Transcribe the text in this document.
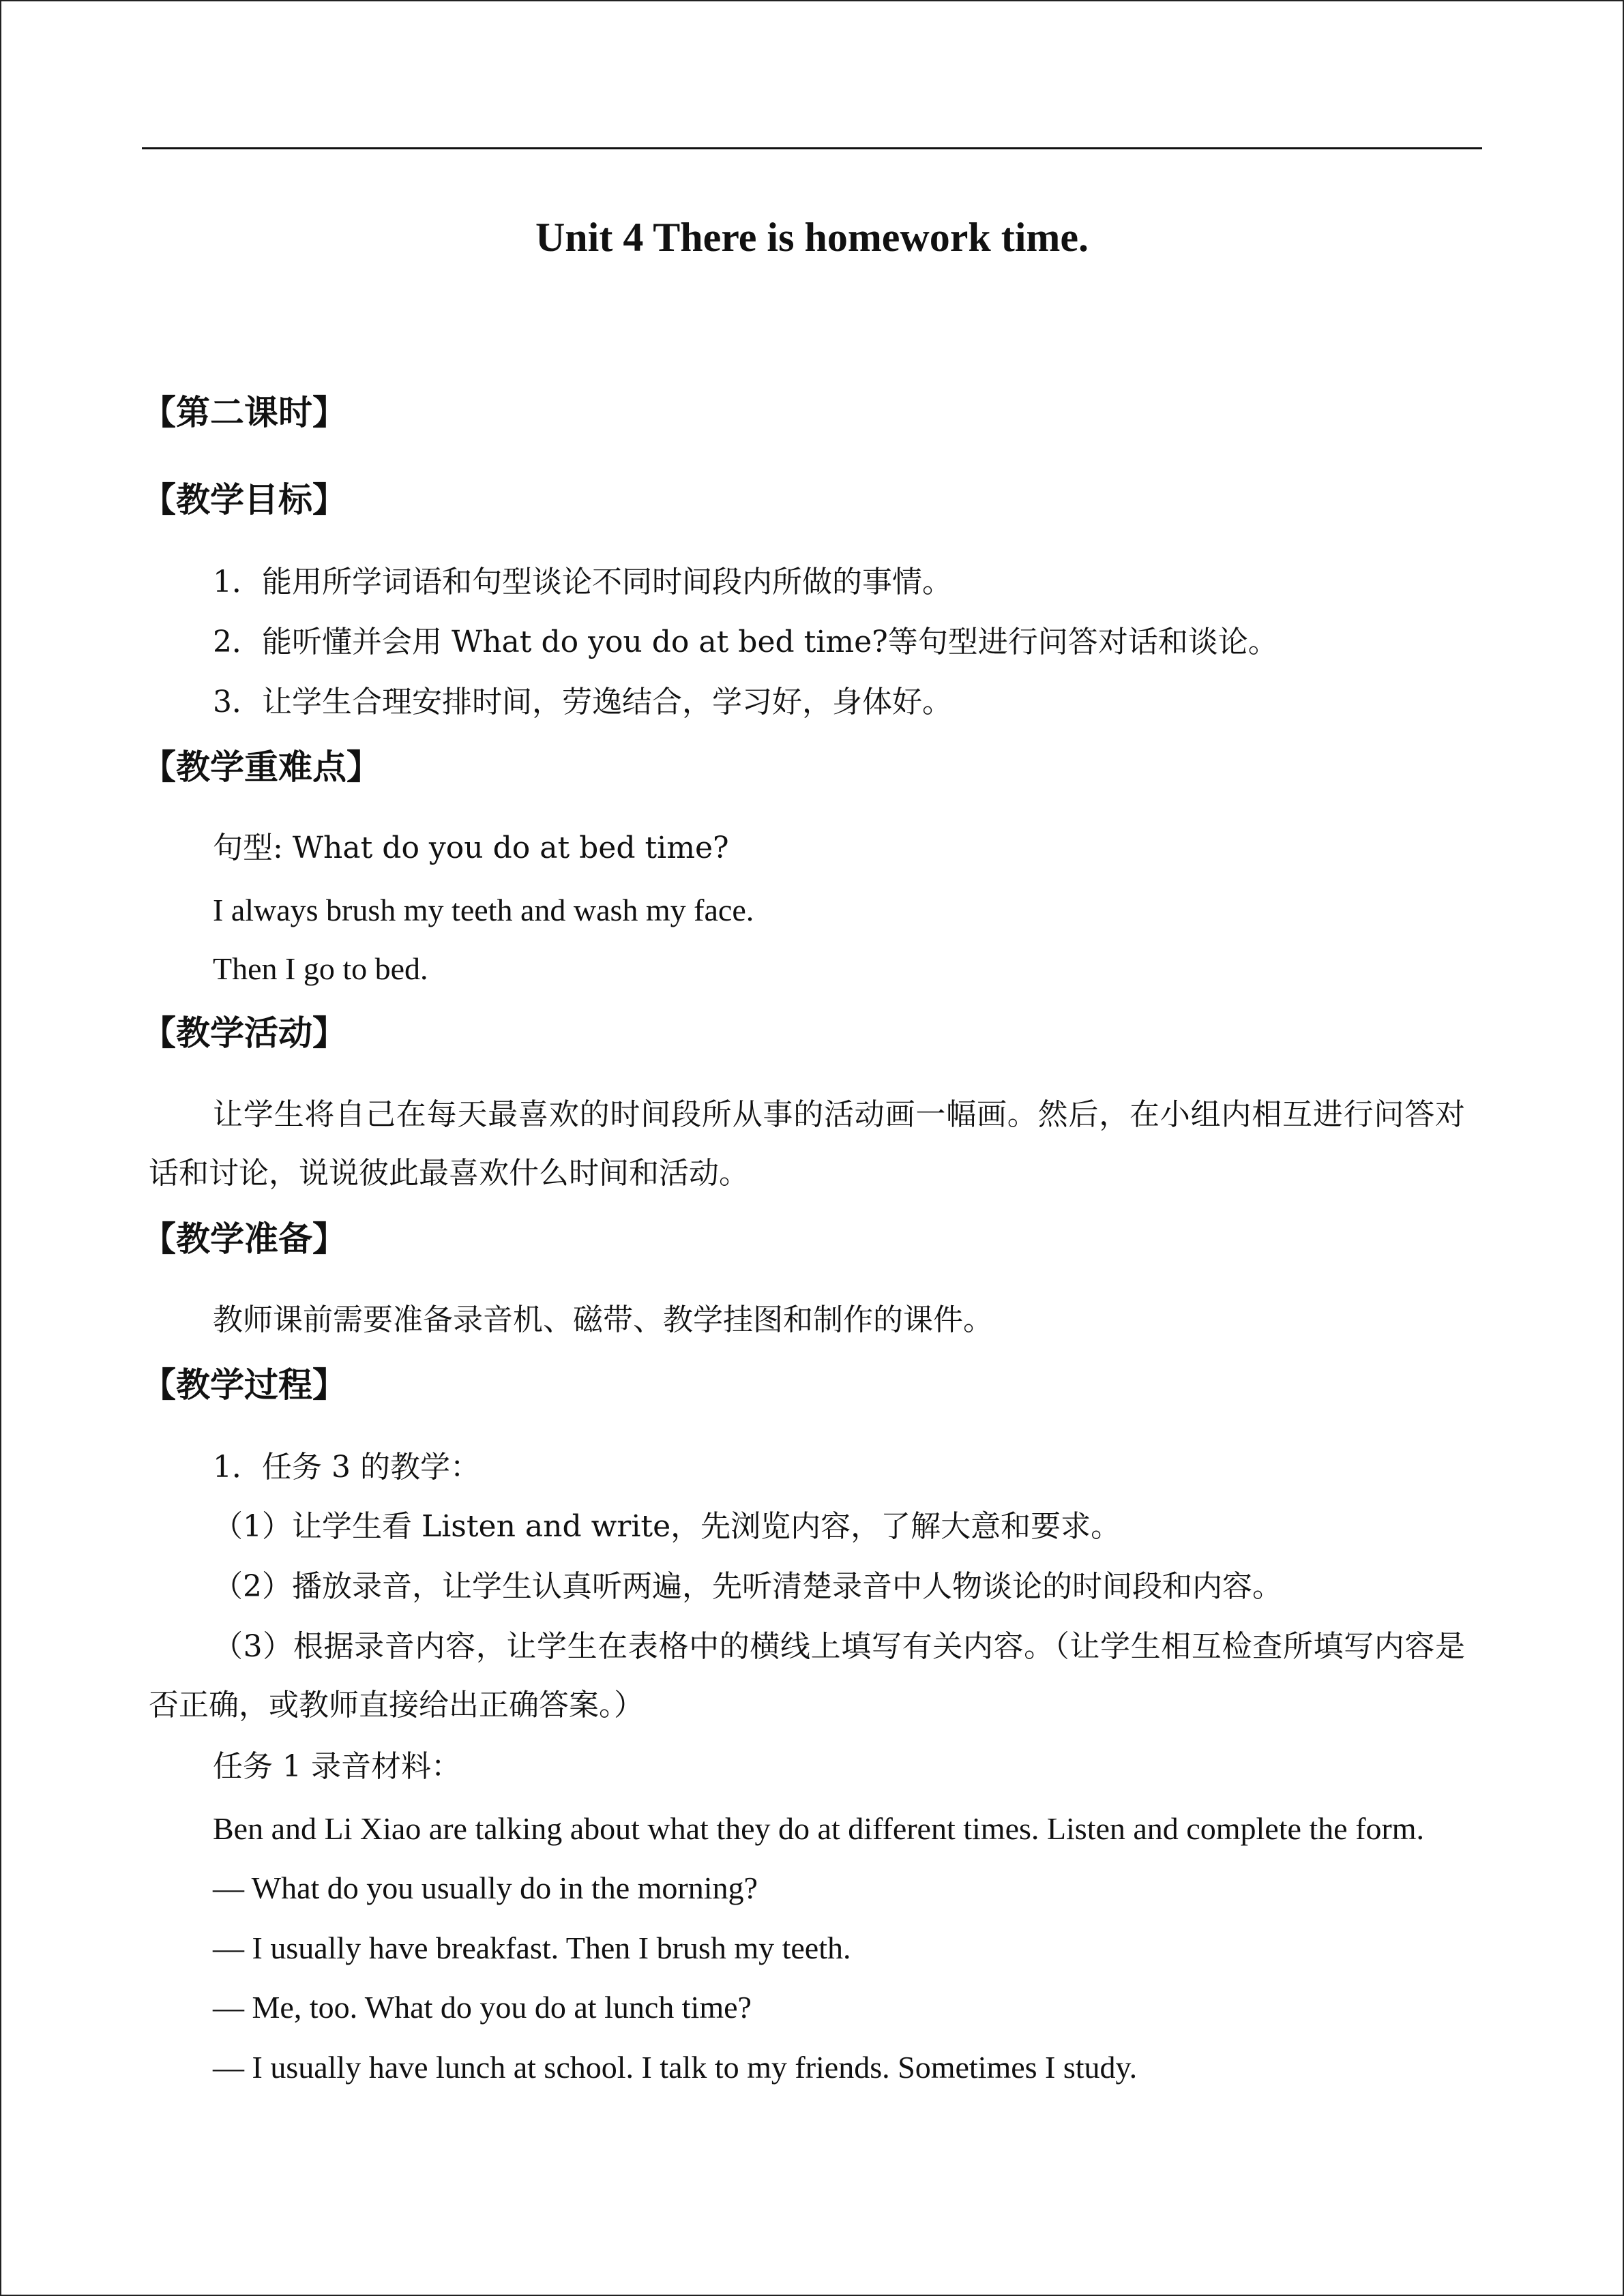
Unit 4 There is homework time.
【第二课时】
【教学目标】
1．能用所学词语和句型谈论不同时间段内所做的事情。
2．能听懂并会用 What do you do at bed time?等句型进行问答对话和谈论。
3．让学生合理安排时间，劳逸结合，学习好，身体好。
【教学重难点】
句型: What do you do at bed time?
I always brush my teeth and wash my face.
Then I go to bed.
【教学活动】
让学生将自己在每天最喜欢的时间段所从事的活动画一幅画。然后，在小组内相互进行问答对话和讨论，说说彼此最喜欢什么时间和活动。
【教学准备】
教师课前需要准备录音机、磁带、教学挂图和制作的课件。
【教学过程】
1．任务 3 的教学：
（1）让学生看 Listen and write，先浏览内容，了解大意和要求。
（2）播放录音，让学生认真听两遍，先听清楚录音中人物谈论的时间段和内容。
（3）根据录音内容，让学生在表格中的横线上填写有关内容。（让学生相互检查所填写内容是否正确，或教师直接给出正确答案。）
任务 1 录音材料：
Ben and Li Xiao are talking about what they do at different times. Listen and complete the form.
— What do you usually do in the morning?
— I usually have breakfast. Then I brush my teeth.
— Me, too. What do you do at lunch time?
— I usually have lunch at school. I talk to my friends. Sometimes I study.
